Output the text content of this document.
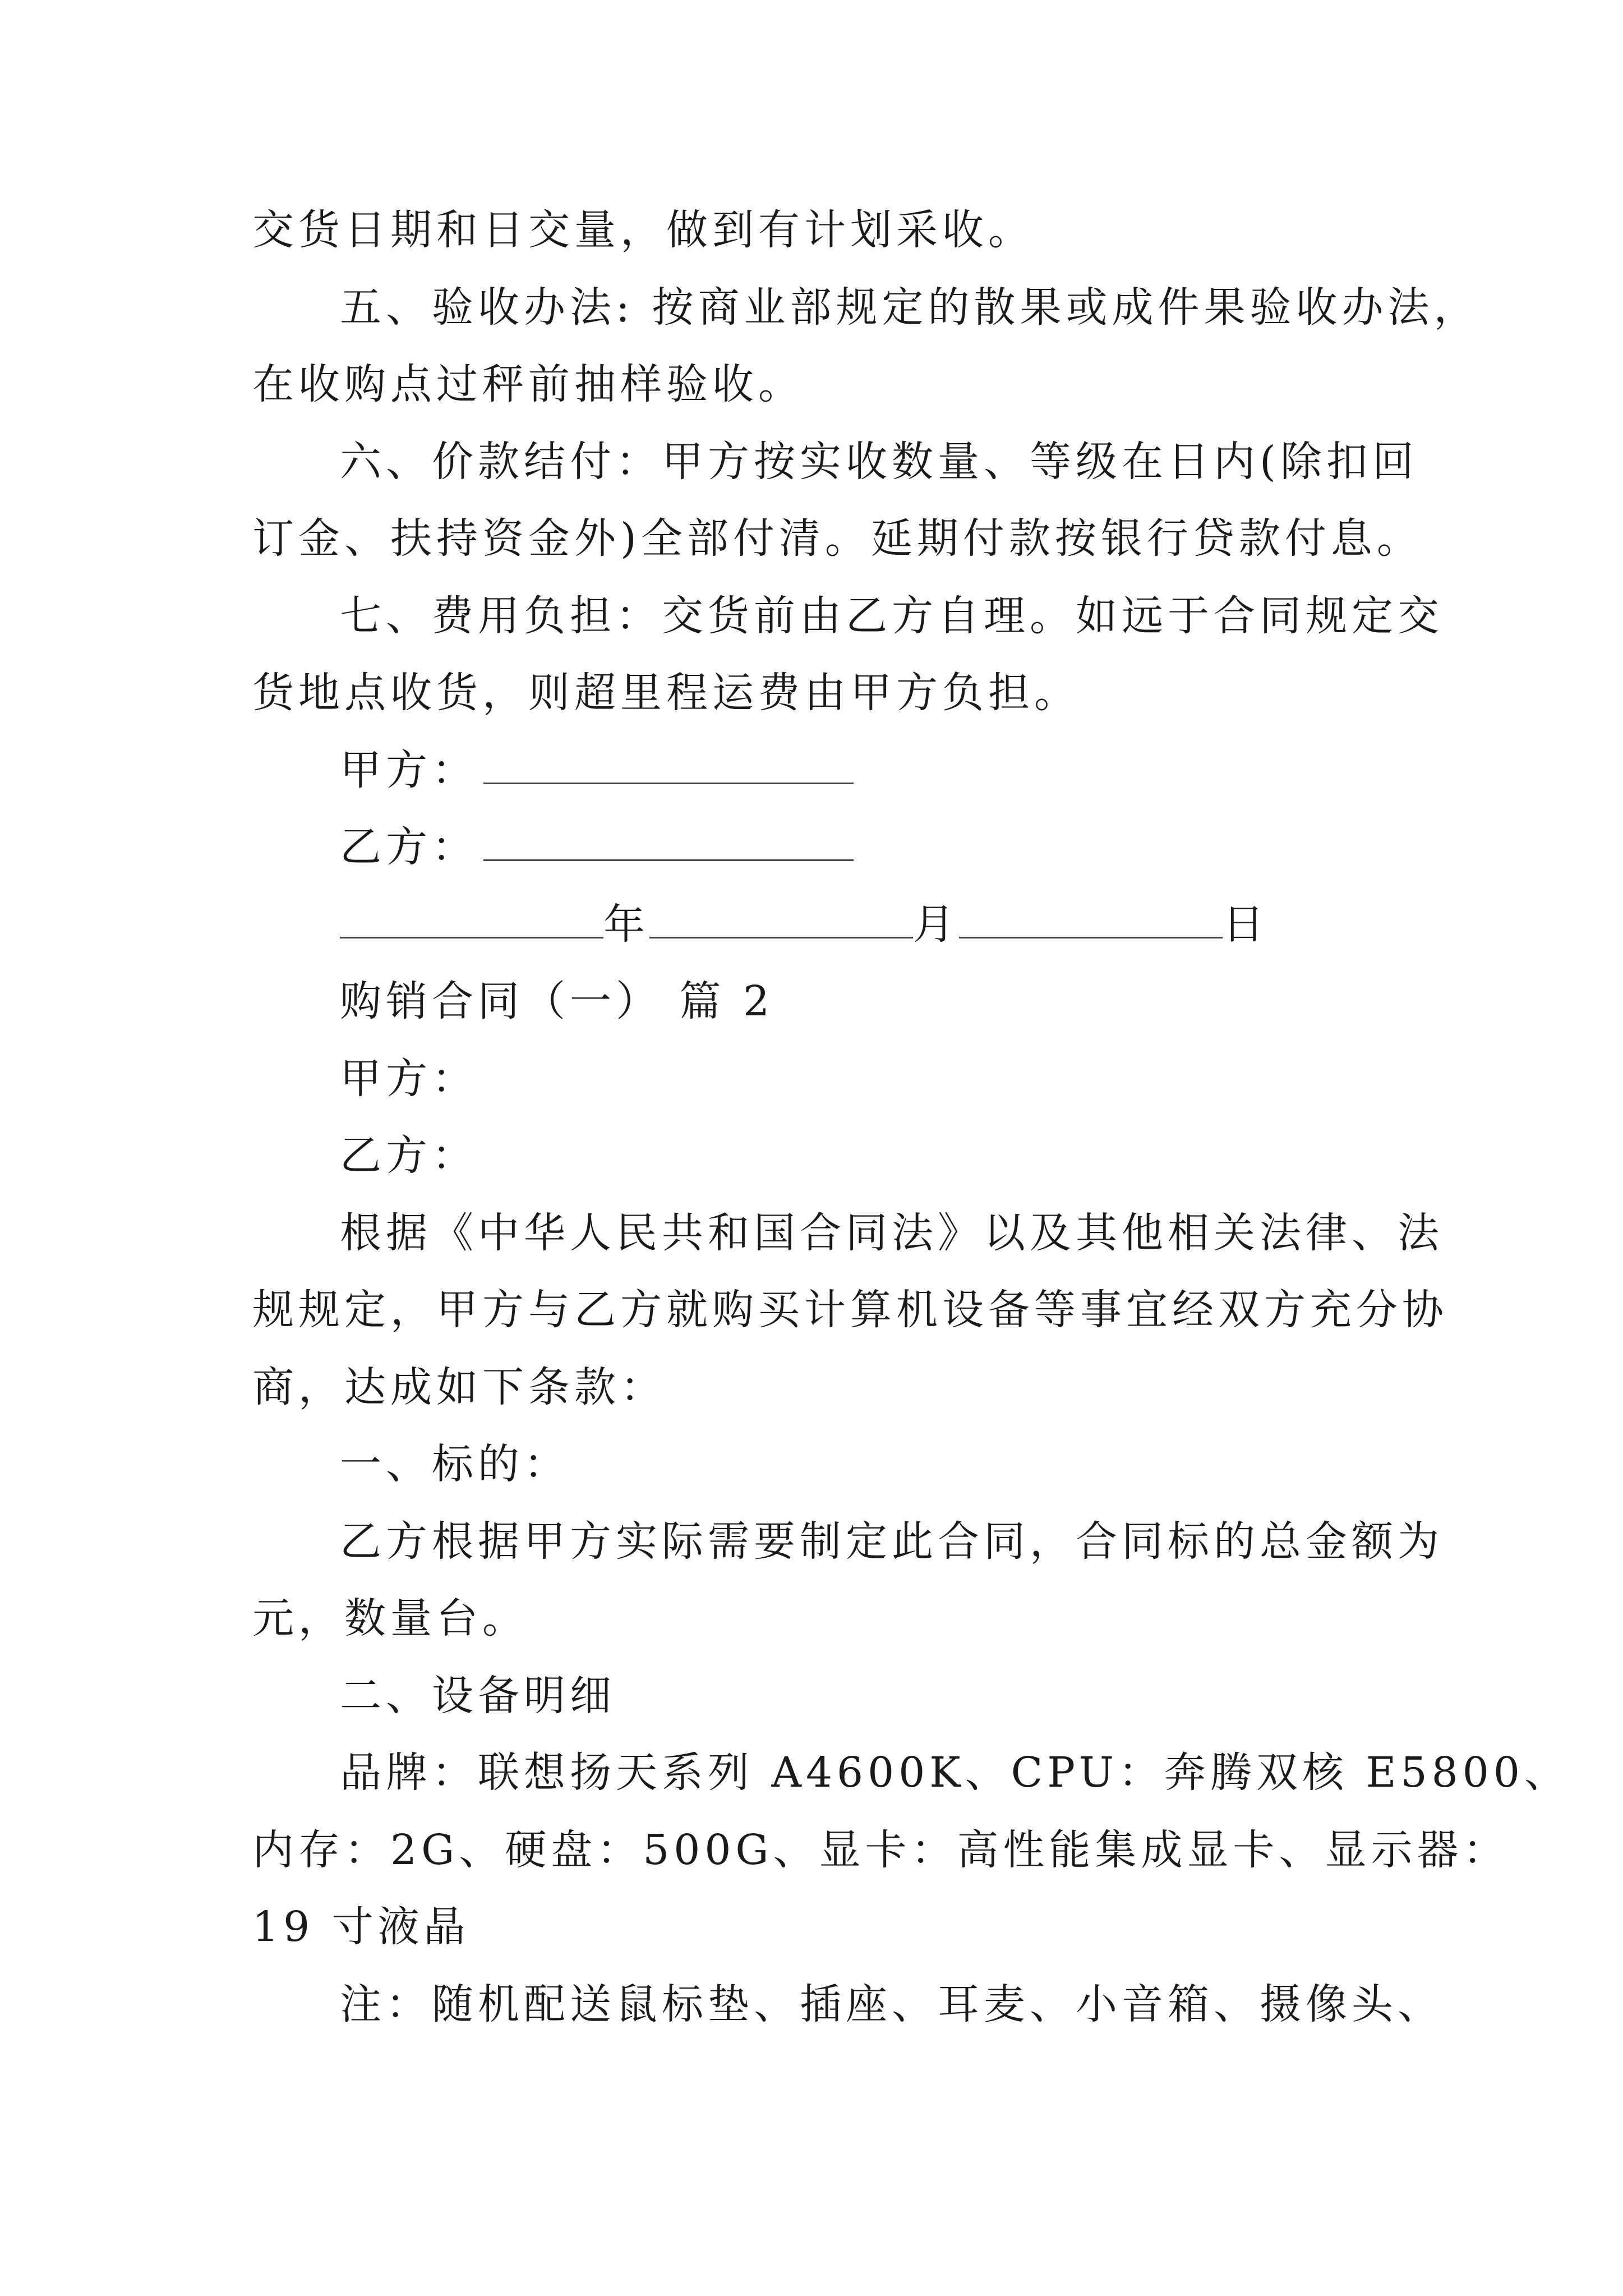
交货日期和日交量，做到有计划采收。
五、验收办法: 按商业部规定的散果或成件果验收办法，
在收购点过秤前抽样验收。
六、价款结付：甲方按实收数量、等级在日内(除扣回
订金、扶持资金外)全部付清。延期付款按银行贷款付息。
七、费用负担：交货前由乙方自理。如远于合同规定交
货地点收货，则超里程运费由甲方负担。
甲方：
乙方：
年	月	日
购销合同（一） 篇 2
甲方：
乙方：
根据《中华人民共和国合同法》以及其他相关法律、法
规规定，甲方与乙方就购买计算机设备等事宜经双方充分协
商，达成如下条款：
一、标的：
乙方根据甲方实际需要制定此合同，合同标的总金额为
元，数量台。
二、设备明细
品牌：联想扬天系列 A4600K、CPU：奔腾双核 E5800、
内存：2G、硬盘：500G、显卡：高性能集成显卡、显示器：
19 寸液晶
注：随机配送鼠标垫、插座、耳麦、小音箱、摄像头、
